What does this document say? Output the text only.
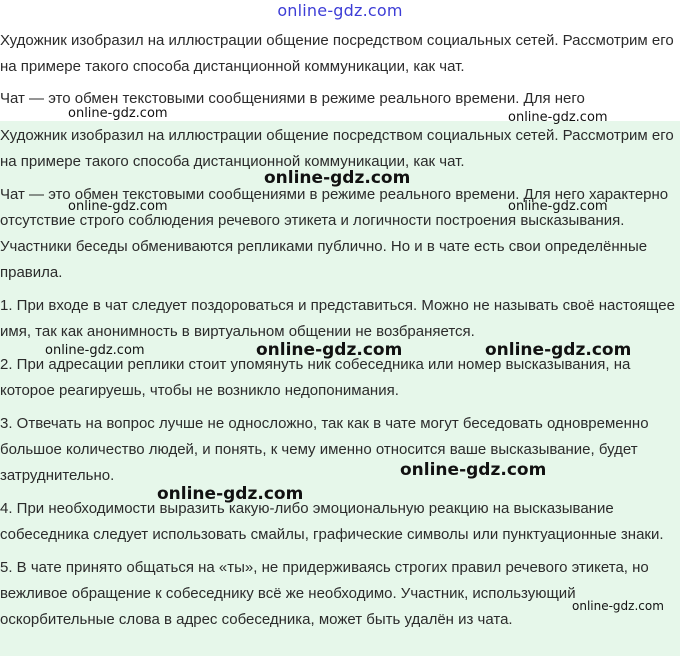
online-gdz.com

Художник изобразил на иллюстрации общение посредством социальных сетей. Рассмотрим его на примере такого способа дистанционной коммуникации, как чат.

Чат — это обмен текстовыми сообщениями в режиме реального времени. Для него

Художник изобразил на иллюстрации общение посредством социальных сетей. Рассмотрим его на примере такого способа дистанционной коммуникации, как чат.

Чат — это обмен текстовыми сообщениями в режиме реального времени. Для него характерно отсутствие строго соблюдения речевого этикета и логичности построения высказывания. Участники беседы обмениваются репликами публично. Но и в чате есть свои определённые правила.

1. При входе в чат следует поздороваться и представиться. Можно не называть своё настоящее имя, так как анонимность в виртуальном общении не возбраняется.

2. При адресации реплики стоит упомянуть ник собеседника или номер высказывания, на которое реагируешь, чтобы не возникло недопонимания.

3. Отвечать на вопрос лучше не односложно, так как в чате могут беседовать одновременно большое количество людей, и понять, к чему именно относится ваше высказывание, будет затруднительно.

4. При необходимости выразить какую-либо эмоциональную реакцию на высказывание собеседника следует использовать смайлы, графические символы или пунктуационные знаки.

5. В чате принято общаться на «ты», не придерживаясь строгих правил речевого этикета, но вежливое обращение к собеседнику всё же необходимо. Участник, использующий оскорбительные слова в адрес собеседника, может быть удалён из чата.

online-gdz.com	online-gdz.com
online-gdz.com
online-gdz.com	online-gdz.com
online-gdz.com	online-gdz.com	online-gdz.com
online-gdz.com
online-gdz.com
online-gdz.com
